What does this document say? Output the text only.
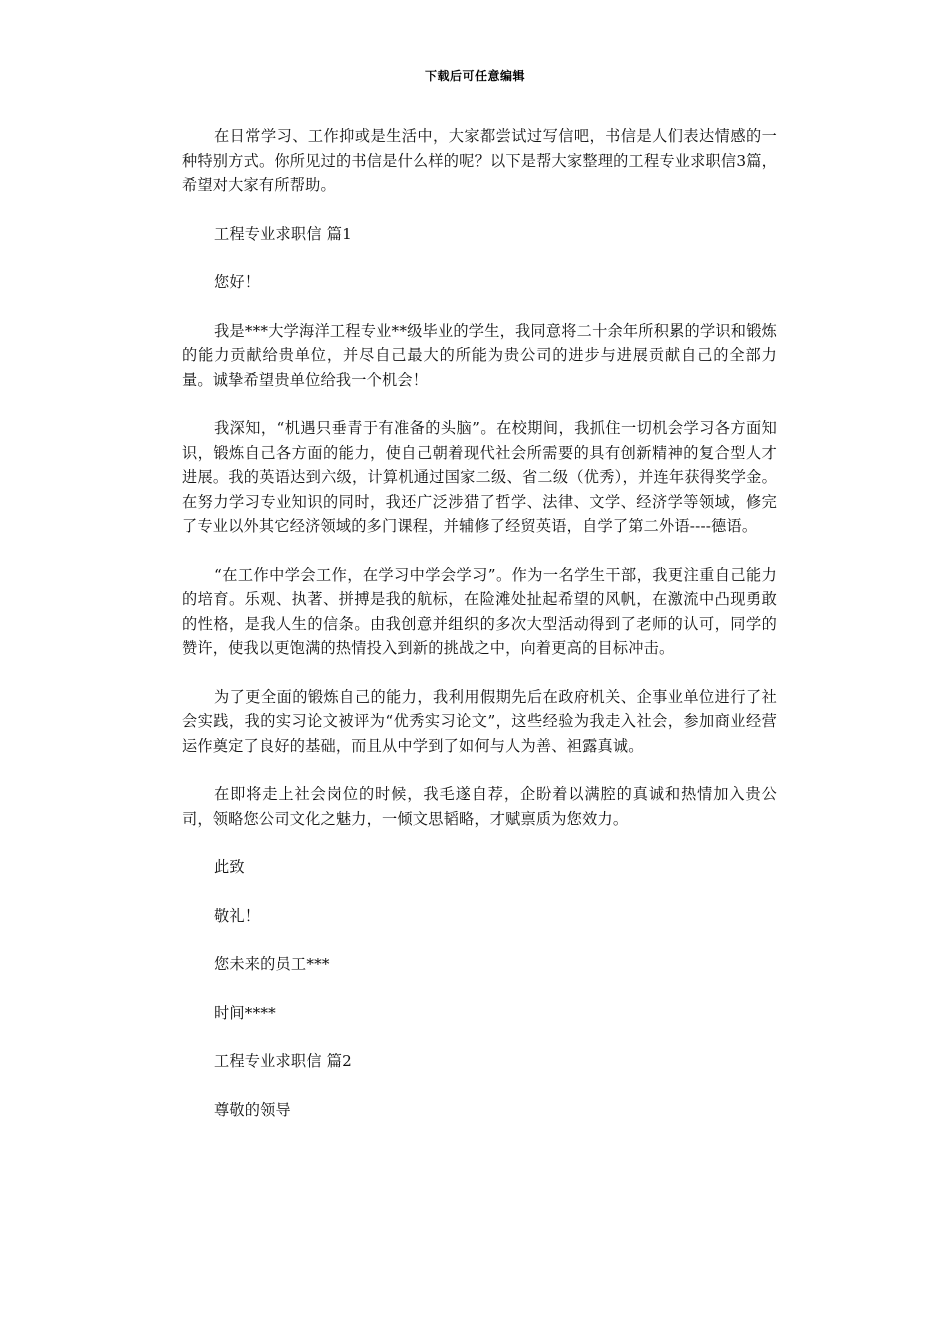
下载后可任意编辑

在日常学习、工作抑或是生活中，大家都尝试过写信吧，书信是人们表达情感的一种特别方式。你所见过的书信是什么样的呢？以下是帮大家整理的工程专业求职信3篇，希望对大家有所帮助。

工程专业求职信 篇1

您好！

我是***大学海洋工程专业**级毕业的学生，我同意将二十余年所积累的学识和锻炼的能力贡献给贵单位，并尽自己最大的所能为贵公司的进步与进展贡献自己的全部力量。诚挚希望贵单位给我一个机会！

我深知，“机遇只垂青于有准备的头脑”。在校期间，我抓住一切机会学习各方面知识，锻炼自己各方面的能力，使自己朝着现代社会所需要的具有创新精神的复合型人才进展。我的英语达到六级，计算机通过国家二级、省二级（优秀），并连年获得奖学金。在努力学习专业知识的同时，我还广泛涉猎了哲学、法律、文学、经济学等领域，修完了专业以外其它经济领域的多门课程，并辅修了经贸英语，自学了第二外语----德语。

“在工作中学会工作，在学习中学会学习”。作为一名学生干部，我更注重自己能力的培育。乐观、执著、拼搏是我的航标，在险滩处扯起希望的风帆，在激流中凸现勇敢的性格，是我人生的信条。由我创意并组织的多次大型活动得到了老师的认可，同学的赞许，使我以更饱满的热情投入到新的挑战之中，向着更高的目标冲击。

为了更全面的锻炼自己的能力，我利用假期先后在政府机关、企事业单位进行了社会实践，我的实习论文被评为“优秀实习论文”，这些经验为我走入社会，参加商业经营运作奠定了良好的基础，而且从中学到了如何与人为善、袒露真诚。

在即将走上社会岗位的时候，我毛遂自荐，企盼着以满腔的真诚和热情加入贵公司，领略您公司文化之魅力，一倾文思韬略，才赋禀质为您效力。

此致

敬礼！

您未来的员工***

时间****

工程专业求职信 篇2

尊敬的领导
